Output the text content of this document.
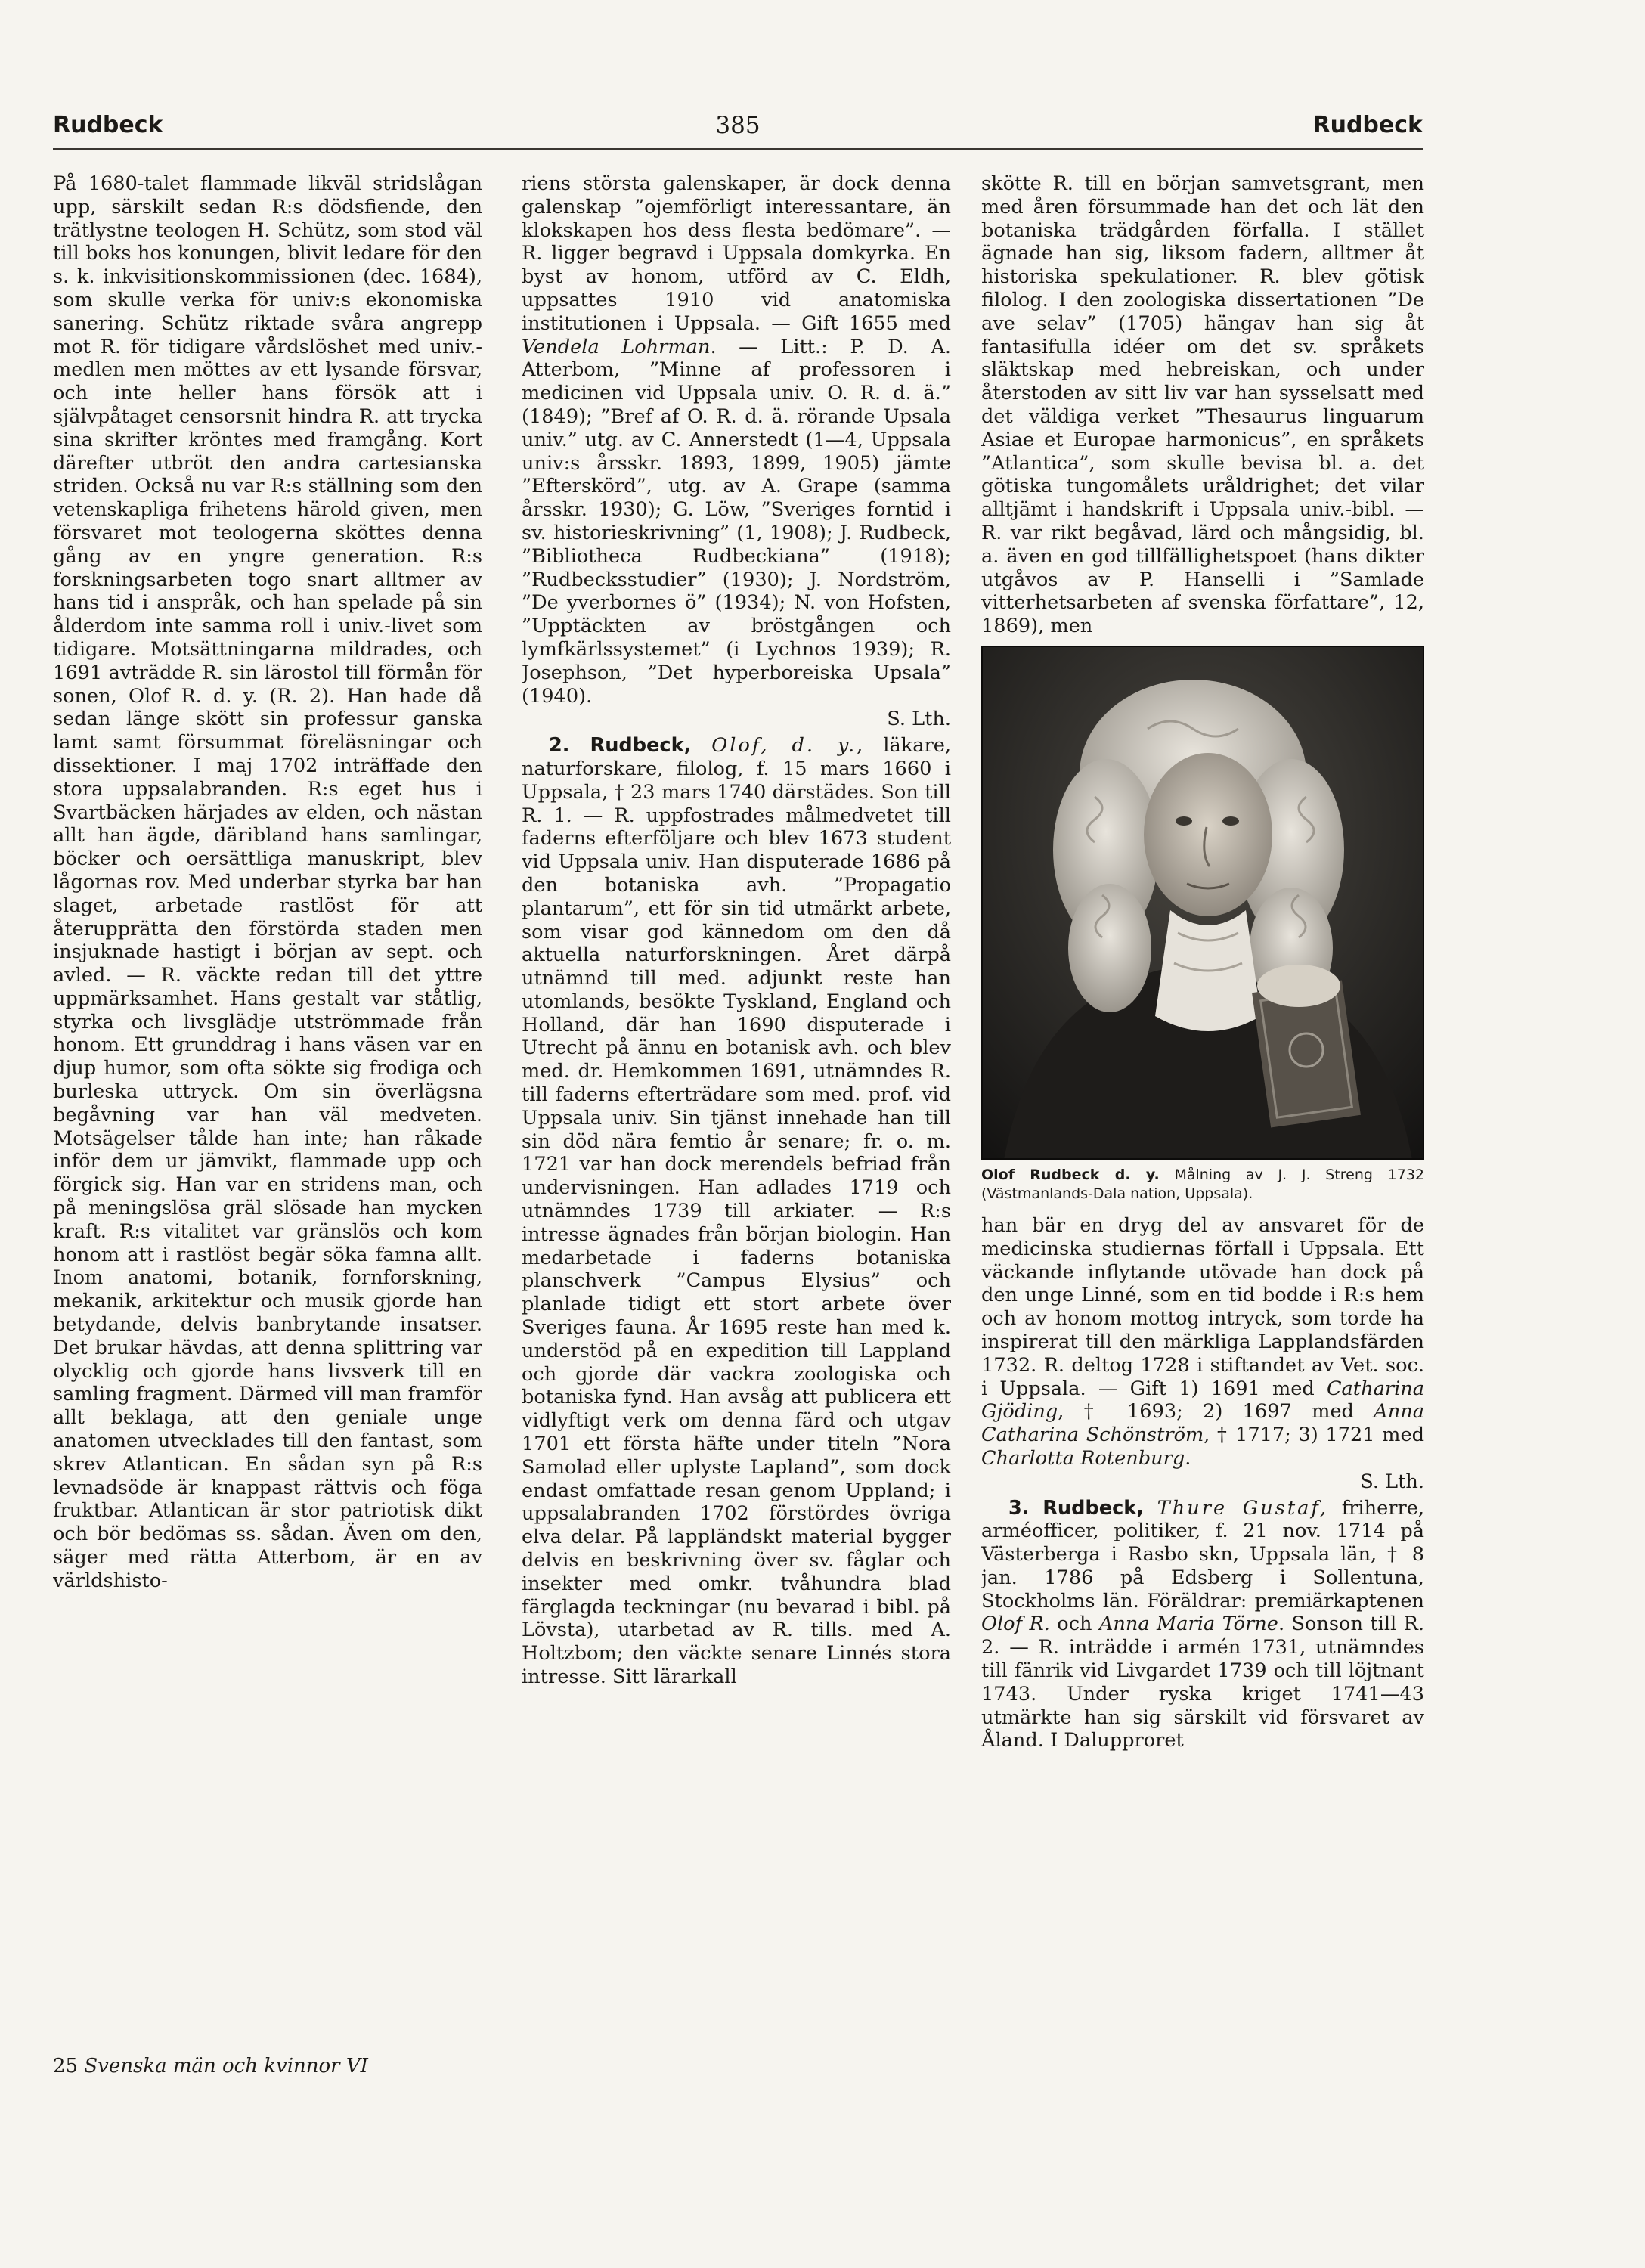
385
Rudbeck	Rudbeck

På 1680-talet flammade likväl stridslågan upp, särskilt sedan R:s dödsfiende, den trätlystne teologen H. Schütz, som stod väl till boks hos konungen, blivit ledare för den s. k. inkvisitionskommissionen (dec. 1684), som skulle verka för univ:s ekonomiska sanering. Schütz riktade svåra angrepp mot R. för tidigare vårdslöshet med univ.-medlen men möttes av ett lysande försvar, och inte heller hans försök att i självpåtaget censorsnit hindra R. att trycka sina skrifter kröntes med framgång. Kort därefter utbröt den andra cartesianska striden. Också nu var R:s ställning som den vetenskapliga frihetens härold given, men försvaret mot teologerna sköttes denna gång av en yngre generation. R:s forskningsarbeten togo snart alltmer av hans tid i anspråk, och han spelade på sin ålderdom inte samma roll i univ.-livet som tidigare. Motsättningarna mildrades, och 1691 avträdde R. sin lärostol till förmån för sonen, Olof R. d. y. (R. 2). Han hade då sedan länge skött sin professur ganska lamt samt försummat föreläsningar och dissektioner. I maj 1702 inträffade den stora uppsalabranden. R:s eget hus i Svartbäcken härjades av elden, och nästan allt han ägde, däribland hans samlingar, böcker och oersättliga manuskript, blev lågornas rov. Med underbar styrka bar han slaget, arbetade rastlöst för att återupprätta den förstörda staden men insjuknade hastigt i början av sept. och avled. — R. väckte redan till det yttre uppmärksamhet. Hans gestalt var ståtlig, styrka och livsglädje utströmmade från honom. Ett grunddrag i hans väsen var en djup humor, som ofta sökte sig frodiga och burleska uttryck. Om sin överlägsna begåvning var han väl medveten. Motsägelser tålde han inte; han råkade inför dem ur jämvikt, flammade upp och förgick sig. Han var en stridens man, och på meningslösa gräl slösade han mycken kraft. R:s vitalitet var gränslös och kom honom att i rastlöst begär söka famna allt. Inom anatomi, botanik, fornforskning, mekanik, arkitektur och musik gjorde han betydande, delvis banbrytande insatser. Det brukar hävdas, att denna splittring var olycklig och gjorde hans livsverk till en samling fragment. Därmed vill man framför allt beklaga, att den geniale unge anatomen utvecklades till den fantast, som skrev Atlantican. En sådan syn på R:s levnadsöde är knappast rättvis och föga fruktbar. Atlantican är stor patriotisk dikt och bör bedömas ss. sådan. Även om den, säger med rätta Atterbom, är en av världshisto-

riens största galenskaper, är dock denna galenskap ”ojemförligt interessantare, än klokskapen hos dess flesta bedömare”. — R. ligger begravd i Uppsala domkyrka. En byst av honom, utförd av C. Eldh, uppsattes 1910 vid anatomiska institutionen i Uppsala. — Gift 1655 med Vendela Lohrman. — Litt.: P. D. A. Atterbom, ”Minne af professoren i medicinen vid Uppsala univ. O. R. d. ä.” (1849); ”Bref af O. R. d. ä. rörande Upsala univ.” utg. av C. Annerstedt (1—4, Uppsala univ:s årsskr. 1893, 1899, 1905) jämte ”Efterskörd”, utg. av A. Grape (samma årsskr. 1930); G. Löw, ”Sveriges forntid i sv. historieskrivning” (1, 1908); J. Rudbeck, ”Bibliotheca Rudbeckiana” (1918); ”Rudbecksstudier” (1930); J. Nordström, ”De yverbornes ö” (1934); N. von Hofsten, ”Upptäckten av bröstgången och lymfkärlssystemet” (i Lychnos 1939); R. Josephson, ”Det hyperboreiska Upsala” (1940).
S. Lth.

2. Rudbeck, Olof, d. y., läkare, naturforskare, filolog, f. 15 mars 1660 i Uppsala, † 23 mars 1740 därstädes. Son till R. 1. — R. uppfostrades målmedvetet till faderns efterföljare och blev 1673 student vid Uppsala univ. Han disputerade 1686 på den botaniska avh. ”Propagatio plantarum”, ett för sin tid utmärkt arbete, som visar god kännedom om den då aktuella naturforskningen. Året därpå utnämnd till med. adjunkt reste han utomlands, besökte Tyskland, England och Holland, där han 1690 disputerade i Utrecht på ännu en botanisk avh. och blev med. dr. Hemkommen 1691, utnämndes R. till faderns efterträdare som med. prof. vid Uppsala univ. Sin tjänst innehade han till sin död nära femtio år senare; fr. o. m. 1721 var han dock merendels befriad från undervisningen. Han adlades 1719 och utnämndes 1739 till arkiater. — R:s intresse ägnades från början biologin. Han medarbetade i faderns botaniska planschverk ”Campus Elysius” och planlade tidigt ett stort arbete över Sveriges fauna. År 1695 reste han med k. understöd på en expedition till Lappland och gjorde där vackra zoologiska och botaniska fynd. Han avsåg att publicera ett vidlyftigt verk om denna färd och utgav 1701 ett första häfte under titeln ”Nora Samolad eller uplyste Lapland”, som dock endast omfattade resan genom Uppland; i uppsalabranden 1702 förstördes övriga elva delar. På lappländskt material bygger delvis en beskrivning över sv. fåglar och insekter med omkr. tvåhundra blad färglagda teckningar (nu bevarad i bibl. på Lövsta), utarbetad av R. tills. med A. Holtzbom; den väckte senare Linnés stora intresse. Sitt lärarkall

skötte R. till en början samvetsgrant, men med åren försummade han det och lät den botaniska trädgården förfalla. I stället ägnade han sig, liksom fadern, alltmer åt historiska spekulationer. R. blev götisk filolog. I den zoologiska dissertationen ”De ave selav” (1705) hängav han sig åt fantasifulla idéer om det sv. språkets släktskap med hebreiskan, och under återstoden av sitt liv var han sysselsatt med det väldiga verket ”Thesaurus linguarum Asiae et Europae harmonicus”, en språkets ”Atlantica”, som skulle bevisa bl. a. det götiska tungomålets uråldrighet; det vilar alltjämt i handskrift i Uppsala univ.-bibl. — R. var rikt begåvad, lärd och mångsidig, bl. a. även en god tillfällighetspoet (hans dikter utgåvos av P. Hanselli i ”Samlade vitterhetsarbeten af svenska författare”, 12, 1869), men

Olof Rudbeck d. y. Målning av J. J. Streng 1732 (Västmanlands-Dala nation, Uppsala).

han bär en dryg del av ansvaret för de medicinska studiernas förfall i Uppsala. Ett väckande inflytande utövade han dock på den unge Linné, som en tid bodde i R:s hem och av honom mottog intryck, som torde ha inspirerat till den märkliga Lapplandsfärden 1732. R. deltog 1728 i stiftandet av Vet. soc. i Uppsala. — Gift 1) 1691 med Catharina Gjöding, † 1693; 2) 1697 med Anna Catharina Schönström, † 1717; 3) 1721 med Charlotta Rotenburg.
S. Lth.

3. Rudbeck, Thure Gustaf, friherre, arméofficer, politiker, f. 21 nov. 1714 på Västerberga i Rasbo skn, Uppsala län, † 8 jan. 1786 på Edsberg i Sollentuna, Stockholms län. Föräldrar: premiärkaptenen Olof R. och Anna Maria Törne. Sonson till R. 2. — R. inträdde i armén 1731, utnämndes till fänrik vid Livgardet 1739 och till löjtnant 1743. Under ryska kriget 1741—43 utmärkte han sig särskilt vid försvaret av Åland. I Dalupproret

25 Svenska män och kvinnor VI
